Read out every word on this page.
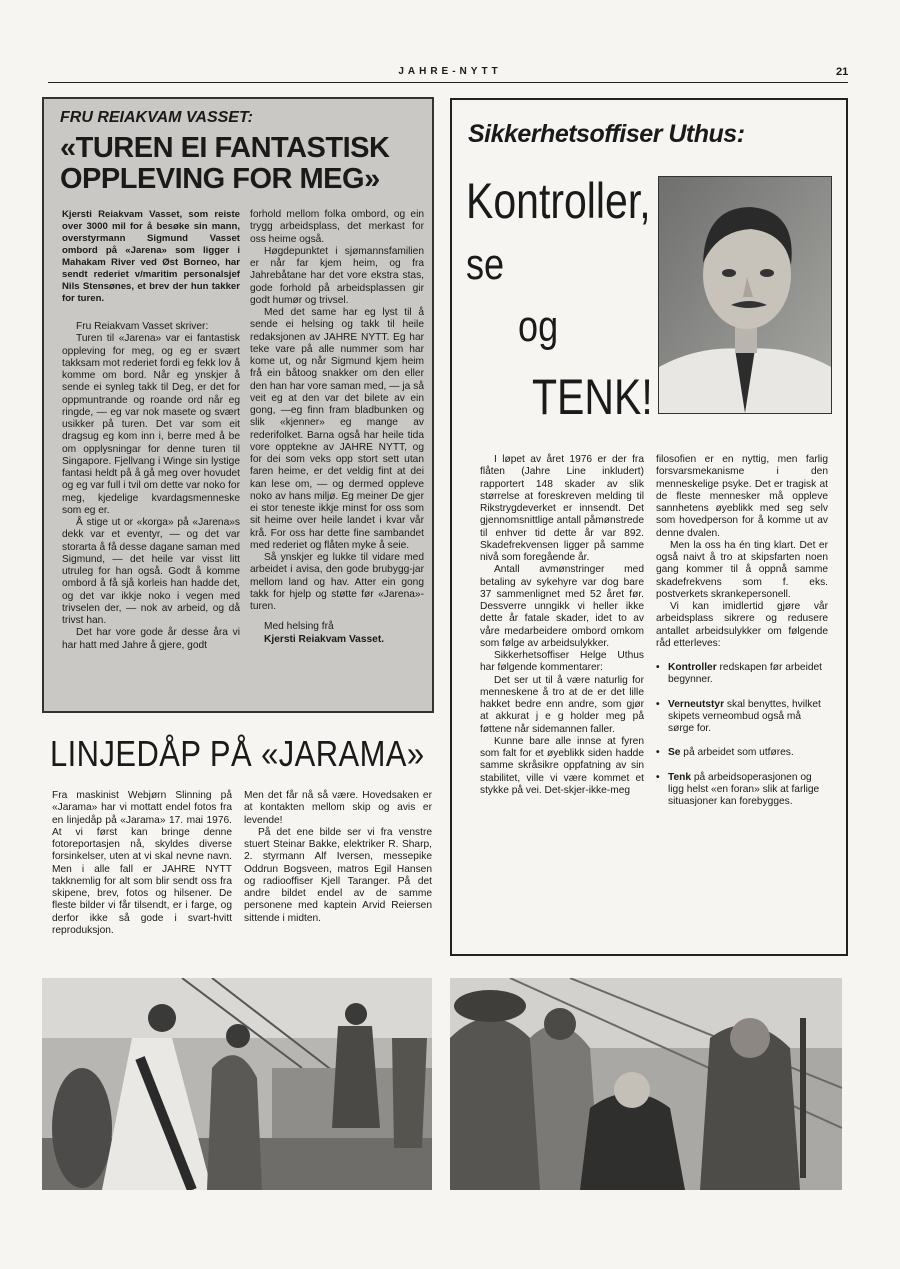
JAHRE-NYTT	21
FRU REIAKVAM VASSET:
«TUREN EI FANTASTISK OPPLEVING FOR MEG»

Kjersti Reiakvam Vasset, som reiste over 3000 mil for å besøke sin mann, overstyrmann Sigmund Vasset ombord på «Jarena» som ligger i Mahakam River ved Øst Borneo, har sendt rederiet v/maritim personalsjef Nils Stensønes, et brev der hun takker for turen.

Fru Reiakvam Vasset skriver:

Turen til «Jarena» var ei fantastisk oppleving for meg, og eg er svært takksam mot rederiet fordi eg fekk lov å komme om bord. Når eg ynskjer å sende ei synleg takk til Deg, er det for oppmuntrande og roande ord når eg ringde, — eg var nok masete og svært usikker på turen. Det var som eit dragsug eg kom inn i, berre med å be om opplysningar for denne turen til Singapore. Fjellvang i Winge sin lystige fantasi heldt på å gå meg over hovudet og eg var full i tvil om dette var noko for meg, kjedelige kvardagsmenneske som eg er.

Å stige ut or «korga» på «Jarena»s dekk var et eventyr, — og det var storarta å få desse dagane saman med Sigmund, — det heile var visst litt utruleg for han også. Godt å komme ombord å få sjå korleis han hadde det, og det var ikkje noko i vegen med trivselen der, — nok av arbeid, og då trivst han.

Det har vore gode år desse åra vi har hatt med Jahre å gjere, godt

forhold mellom folka ombord, og ein trygg arbeidsplass, det merkast for oss heime også.

Høgdepunktet i sjømannsfamilien er når far kjem heim, og fra Jahrebåtane har det vore ekstra stas, gode forhold på arbeidsplassen gir godt humør og trivsel.

Med det same har eg lyst til å sende ei helsing og takk til heile redaksjonen av JAHRE NYTT. Eg har teke vare på alle nummer som har kome ut, og når Sigmund kjem heim frå ein båtoog snakker om den eller den han har vore saman med, — ja så veit eg at den var det bilete av ein gong, —eg finn fram bladbunken og slik «kjenner» eg mange av rederifolket. Barna også har heile tida vore opptekne av JAHRE NYTT, og for dei som veks opp stort sett utan faren heime, er det veldig fint at dei kan lese om, — og dermed oppleve noko av hans miljø. Eg meiner De gjer ei stor teneste ikkje minst for oss som sit heime over heile landet i kvar vår krå. For oss har dette fine sambandet med rederiet og flåten myke å seie.

Så ynskjer eg lukke til vidare med arbeidet i avisa, den gode brubygg-jar mellom land og hav. Atter ein gong takk for hjelp og støtte før «Jarena»-turen.

Med helsing frå

Kjersti Reiakvam Vasset.

Sikkerhetsoffiser Uthus:
Kontroller,
se
og
TENK!

I løpet av året 1976 er der fra flåten (Jahre Line inkludert) rapportert 148 skader av slik størrelse at foreskreven melding til Rikstrygdeverket er innsendt. Det gjennomsnittlige antall påmønstrede til enhver tid dette år var 892. Skadefrekvensen ligger på samme nivå som foregående år.

Antall avmønstringer med betaling av sykehyre var dog bare 37 sammenlignet med 52 året før. Dessverre unngikk vi heller ikke dette år fatale skader, idet to av våre medarbeidere ombord omkom som følge av arbeidsulykker.

Sikkerhetsoffiser Helge Uthus har følgende kommentarer:

Det ser ut til å være naturlig for menneskene å tro at de er det lille hakket bedre enn andre, som gjør at akkurat j e g holder meg på føttene når sidemannen faller.

Kunne bare alle innse at fyren som falt for et øyeblikk siden hadde samme skråsikre oppfatning av sin stabilitet, ville vi være kommet et stykke på vei. Det-skjer-ikke-meg

filosofien er en nyttig, men farlig forsvarsmekanisme i den menneskelige psyke. Det er tragisk at de fleste mennesker må oppleve sannhetens øyeblikk med seg selv som hovedperson for å komme ut av denne dvalen.

Men la oss ha én ting klart. Det er også naivt å tro at skipsfarten noen gang kommer til å oppnå samme skadefrekvens som f. eks. postverkets skrankepersonell.

Vi kan imidlertid gjøre vår arbeidsplass sikrere og redusere antallet arbeidsulykker om følgende råd etterleves:

• Kontroller redskapen før arbeidet begynner.
• Verneutstyr skal benyttes, hvilket skipets verneombud også må sørge for.
• Se på arbeidet som utføres.
• Tenk på arbeidsoperasjonen og ligg helst «en foran» slik at farlige situasjoner kan forebygges.
LINJEDÅP PÅ «JARAMA»

Fra maskinist Webjørn Slinning på «Jarama» har vi mottatt endel fotos fra en linjedåp på «Jarama» 17. mai 1976. At vi først kan bringe denne fotoreportasjen nå, skyldes diverse forsinkelser, uten at vi skal nevne navn. Men i alle fall er JAHRE NYTT takknemlig for alt som blir sendt oss fra skipene, brev, fotos og hilsener. De fleste bilder vi får tilsendt, er i farge, og derfor ikke så gode i svart-hvitt reproduksjon.

Men det får nå så være. Hovedsaken er at kontakten mellom skip og avis er levende!

På det ene bilde ser vi fra venstre stuert Steinar Bakke, elektriker R. Sharp, 2. styrmann Alf Iversen, messepike Oddrun Bogsveen, matros Egil Hansen og radiooffiser Kjell Taranger. På det andre bildet endel av de samme personene med kaptein Arvid Reiersen sittende i midten.
